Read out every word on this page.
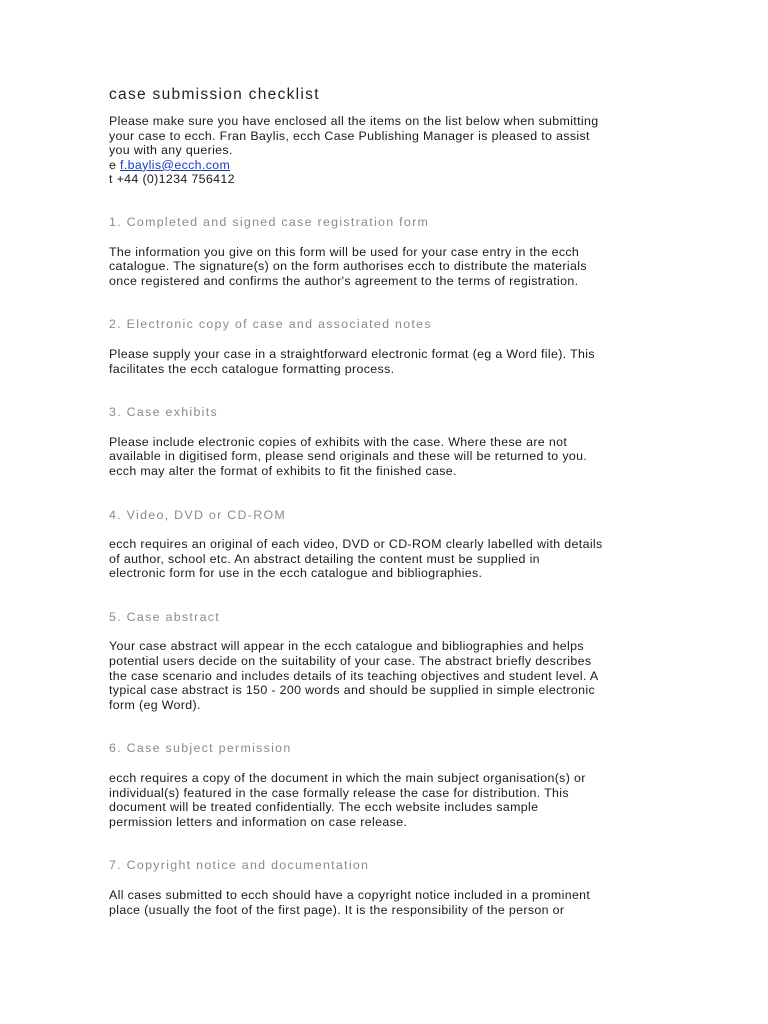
case submission checklist

Please make sure you have enclosed all the items on the list below when submitting
your case to ecch. Fran Baylis, ecch Case Publishing Manager is pleased to assist
you with any queries.

e f.baylis@ecch.com
t +44 (0)1234 756412
1. Completed and signed case registration form

The information you give on this form will be used for your case entry in the ecch
catalogue. The signature(s) on the form authorises ecch to distribute the materials
once registered and confirms the author's agreement to the terms of registration.

2. Electronic copy of case and associated notes

Please supply your case in a straightforward electronic format (eg a Word file). This
facilitates the ecch catalogue formatting process.

3. Case exhibits

Please include electronic copies of exhibits with the case. Where these are not
available in digitised form, please send originals and these will be returned to you.
ecch may alter the format of exhibits to fit the finished case.

4. Video, DVD or CD-ROM

ecch requires an original of each video, DVD or CD-ROM clearly labelled with details
of author, school etc. An abstract detailing the content must be supplied in
electronic form for use in the ecch catalogue and bibliographies.

5. Case abstract

Your case abstract will appear in the ecch catalogue and bibliographies and helps
potential users decide on the suitability of your case. The abstract briefly describes
the case scenario and includes details of its teaching objectives and student level. A
typical case abstract is 150 - 200 words and should be supplied in simple electronic
form (eg Word).

6. Case subject permission

ecch requires a copy of the document in which the main subject organisation(s) or
individual(s) featured in the case formally release the case for distribution. This
document will be treated confidentially. The ecch website includes sample
permission letters and information on case release.

7. Copyright notice and documentation

All cases submitted to ecch should have a copyright notice included in a prominent
place (usually the foot of the first page). It is the responsibility of the person or
